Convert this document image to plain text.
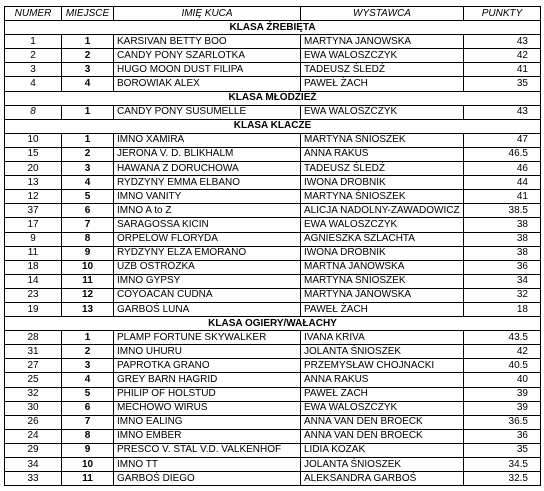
NUMER	MIEJSCE	IMIĘ KUCA	WYSTAWCA	PUNKTY
KLASA ŹREBIĘTA				
1	1	KARSIVAN BETTY BOO	MARTYNA JANOWSKA	43
2	2	CANDY PONY SZARLOTKA	EWA WALOSZCZYK	42
3	3	HUGO MOON DUST FILIPA	TADEUSZ ŚLEDŹ	41
4	4	BOROWIAK ALEX	PAWEŁ ŻACH	35
KLASA MŁODZIEŻ				
8	1	CANDY PONY SUSUMELLE	EWA WALOSZCZYK	43
KLASA KLACZE				
10	1	IMNO XAMIRA	MARTYNA ŚNIOSZEK	47
15	2	JERONA V. D. BLIKHALM	ANNA RAKUS	46.5
20	3	HAWANA Z DORUCHOWA	TADEUSZ ŚLEDŹ	46
13	4	RYDZYNY EMMA ELBANO	IWONA DROBNIK	44
12	5	IMNO VANITY	MARTYNA ŚNIOSZEK	41
37	6	IMNO A to Z	ALICJA NADOLNY-ZAWADOWICZ	38.5
17	7	SARAGOSSA KICIN	EWA WALOSZCZYK	38
9	8	ORPELÓW FLORYDA	AGNIESZKA SZLACHTA	38
11	9	RYDZYNY ELZA EMORANO	IWONA DROBNIK	38
18	10	UZB OSTRÓŻKA	MARTNA JANOWSKA	36
14	11	IMNO GYPSY	MARTYNA ŚNIOSZEK	34
23	12	COYOACAN CUDNA	MARTYNA JANOWSKA	32
19	13	GARBOŚ LUNA	PAWEŁ ŻACH	18
KLASA OGIERY/WAŁACHY				
28	1	PLAMP FORTUNE SKYWALKER	IVANA KRIVA	43.5
31	2	IMNO UHURU	JOLANTA ŚNIOSZEK	42
27	3	PAPROTKA GRANO	PRZEMYSŁAW CHOJNACKI	40.5
25	4	GREY BARN HAGRID	ANNA RAKUS	40
32	5	PHILIP OF HOLSTUD	PAWEŁ ŻACH	39
30	6	MECHOWO WIRUS	EWA WALOSZCZYK	39
26	7	IMNO EALING	ANNA VAN DEN BROECK	36.5
24	8	IMNO EMBER	ANNA VAN DEN BROECK	36
29	9	PRESCO V. STAL V.D. VALKENHOF	LIDIA KOZAK	35
34	10	IMNO TT	JOLANTA ŚNIOSZEK	34.5
33	11	GARBOŚ DIEGO	ALEKSANDRA GARBOŚ	32.5
